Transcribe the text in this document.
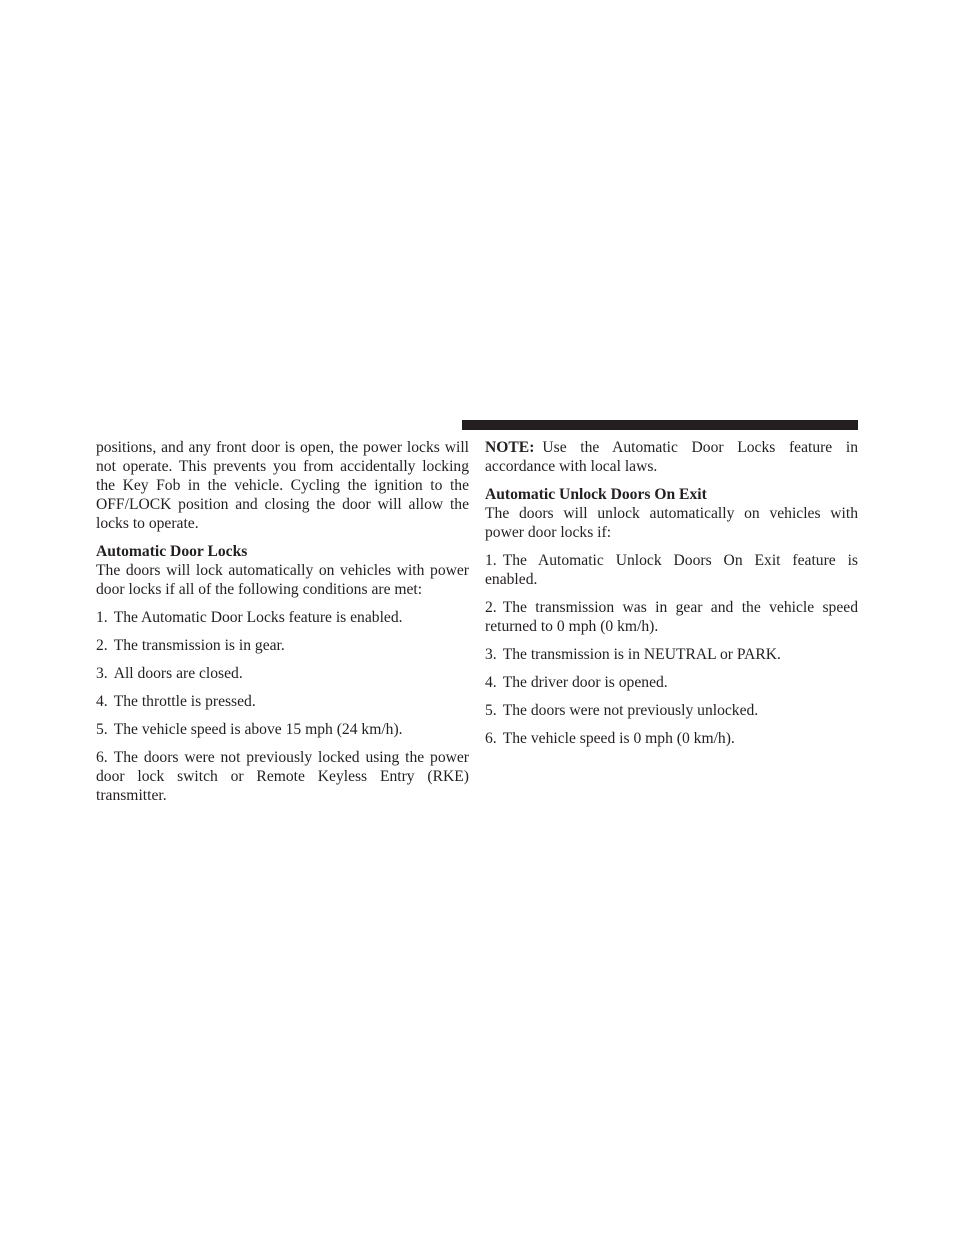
positions, and any front door is open, the power locks will not operate. This prevents you from accidentally locking the Key Fob in the vehicle. Cycling the ignition to the OFF/LOCK position and closing the door will allow the locks to operate.

Automatic Door Locks

The doors will lock automatically on vehicles with power door locks if all of the following conditions are met:

1. The Automatic Door Locks feature is enabled.

2. The transmission is in gear.

3. All doors are closed.

4. The throttle is pressed.

5. The vehicle speed is above 15 mph (24 km/h).

6. The doors were not previously locked using the power door lock switch or Remote Keyless Entry (RKE) transmitter.

NOTE: Use the Automatic Door Locks feature in accordance with local laws.

Automatic Unlock Doors On Exit

The doors will unlock automatically on vehicles with power door locks if:

1. The Automatic Unlock Doors On Exit feature is enabled.

2. The transmission was in gear and the vehicle speed returned to 0 mph (0 km/h).

3. The transmission is in NEUTRAL or PARK.

4. The driver door is opened.

5. The doors were not previously unlocked.

6. The vehicle speed is 0 mph (0 km/h).
